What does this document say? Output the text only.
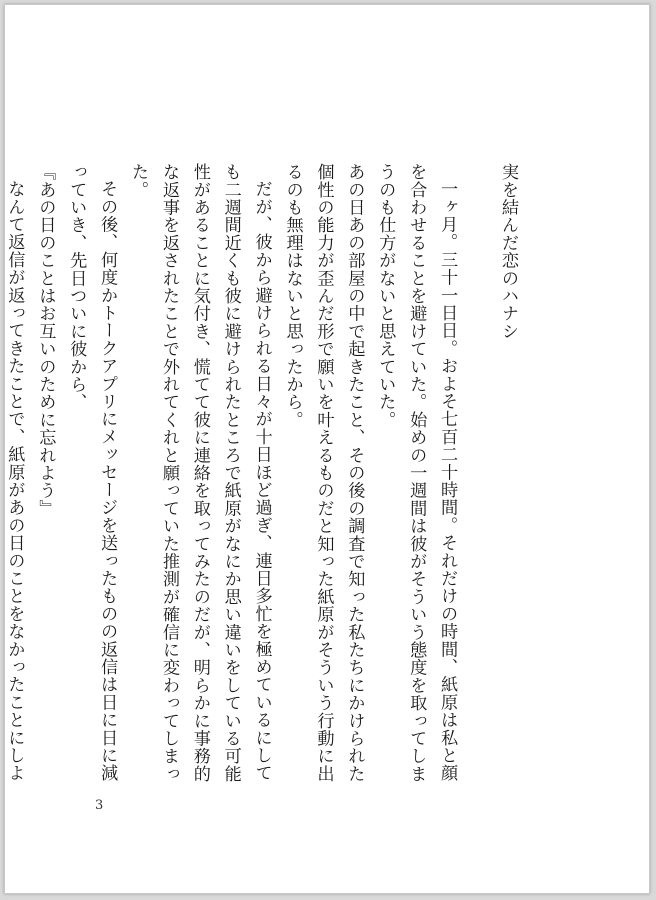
実を結んだ恋のハナシ

一ヶ月。三十一日日。およそ七百二十時間。それだけの時間、紙原は私と顔を合わせることを避けていた。始めの一週間は彼がそういう態度を取ってしまうのも仕方がないと思えていた。

あの日あの部屋の中で起きたこと、その後の調査で知った私たちにかけられた個性の能力が歪んだ形で願いを叶えるものだと知った紙原がそういう行動に出るのも無理はないと思ったから。

だが、彼から避けられる日々が十日ほど過ぎ、連日多忙を極めているにしても二週間近くも彼に避けられたところで紙原がなにか思い違いをしている可能性があることに気付き、慌てて彼に連絡を取ってみたのだが、明らかに事務的な返事を返されたことで外れてくれと願っていた推測が確信に変わってしまった。

その後、何度かトークアプリにメッセージを送ったものの返信は日に日に減っていき、先日ついに彼から、

『あの日のことはお互いのために忘れよう』

なんて返信が返ってきたことで、紙原があの日のことをなかったことにしよ

3
